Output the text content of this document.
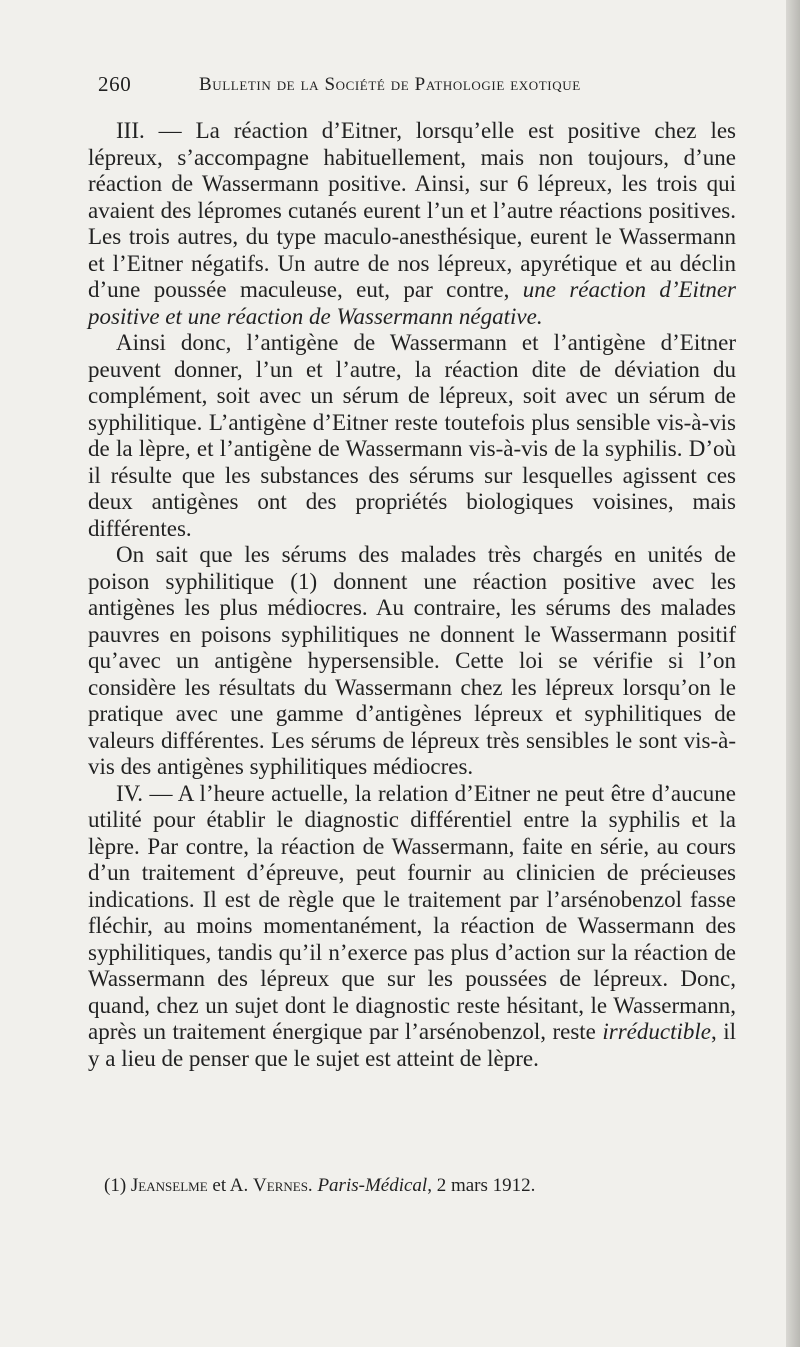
260	Bulletin de la Société de Pathologie exotique

III. — La réaction d’Eitner, lorsqu’elle est positive chez les lépreux, s’accompagne habituellement, mais non toujours, d’une réaction de Wassermann positive. Ainsi, sur 6 lépreux, les trois qui avaient des lépromes cutanés eurent l’un et l’autre réactions positives. Les trois autres, du type maculo-anesthésique, eurent le Wassermann et l’Eitner négatifs. Un autre de nos lépreux, apyrétique et au déclin d’une poussée maculeuse, eut, par contre, une réaction d’Eitner positive et une réaction de Wassermann négative.

Ainsi donc, l’antigène de Wassermann et l’antigène d’Eitner peuvent donner, l’un et l’autre, la réaction dite de déviation du complément, soit avec un sérum de lépreux, soit avec un sérum de syphilitique. L’antigène d’Eitner reste toutefois plus sensible vis-à-vis de la lèpre, et l’antigène de Wassermann vis-à-vis de la syphilis. D’où il résulte que les substances des sérums sur lesquelles agissent ces deux antigènes ont des propriétés biologiques voisines, mais différentes.

On sait que les sérums des malades très chargés en unités de poison syphilitique (1) donnent une réaction positive avec les antigènes les plus médiocres. Au contraire, les sérums des malades pauvres en poisons syphilitiques ne donnent le Wassermann positif qu’avec un antigène hypersensible. Cette loi se vérifie si l’on considère les résultats du Wassermann chez les lépreux lorsqu’on le pratique avec une gamme d’antigènes lépreux et syphilitiques de valeurs différentes. Les sérums de lépreux très sensibles le sont vis-à-vis des antigènes syphilitiques médiocres.

IV. — A l’heure actuelle, la relation d’Eitner ne peut être d’aucune utilité pour établir le diagnostic différentiel entre la syphilis et la lèpre. Par contre, la réaction de Wassermann, faite en série, au cours d’un traitement d’épreuve, peut fournir au clinicien de précieuses indications. Il est de règle que le traitement par l’arsénobenzol fasse fléchir, au moins momentanément, la réaction de Wassermann des syphilitiques, tandis qu’il n’exerce pas plus d’action sur la réaction de Wassermann des lépreux que sur les poussées de lépreux. Donc, quand, chez un sujet dont le diagnostic reste hésitant, le Wassermann, après un traitement énergique par l’arsénobenzol, reste irréductible, il y a lieu de penser que le sujet est atteint de lèpre.

(1) Jeanselme et A. Vernes. Paris-Médical, 2 mars 1912.
